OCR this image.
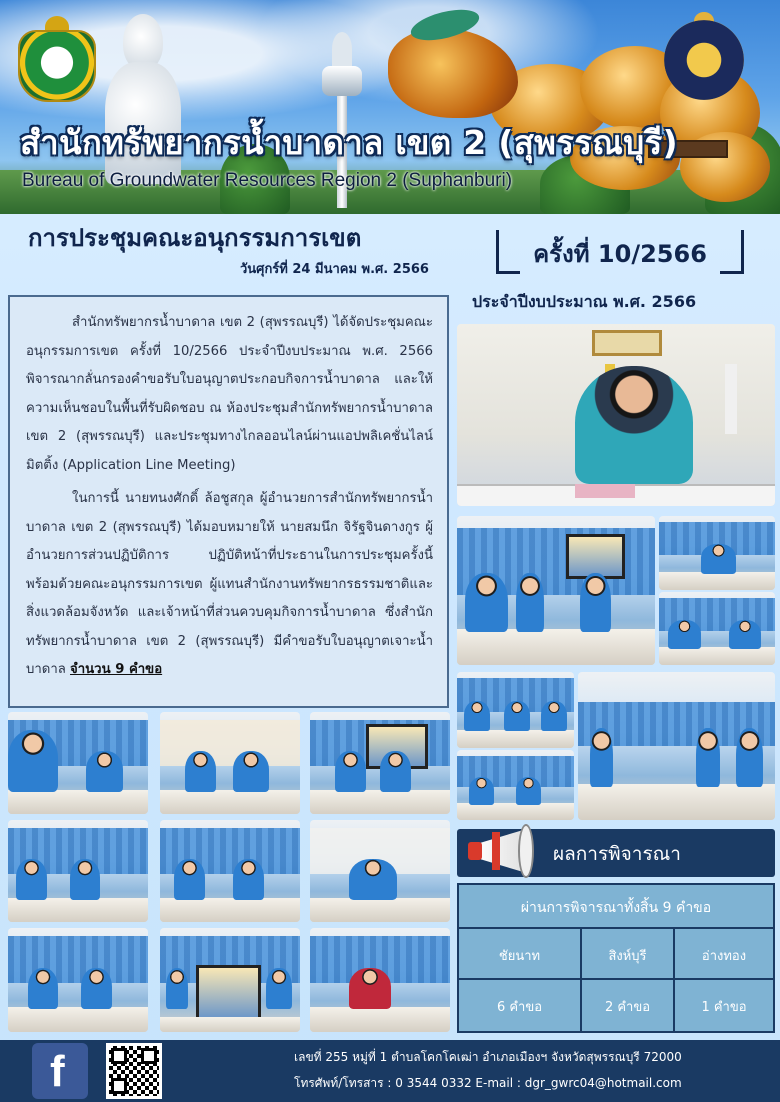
สำนักทรัพยากรน้ำบาดาล เขต 2 (สุพรรณบุรี)
Bureau of Groundwater Resources Region 2 (Suphanburi)
การประชุมคณะอนุกรรมการเขต
วันศุกร์ที่ 24 มีนาคม พ.ศ. 2566
ครั้งที่ 10/2566
ประจำปีงบประมาณ พ.ศ. 2566

สำนักทรัพยากรน้ำบาดาล เขต 2 (สุพรรณบุรี) ได้จัดประชุมคณะอนุกรรมการเขต ครั้งที่ 10/2566 ประจำปีงบประมาณ พ.ศ. 2566 พิจารณากลั่นกรองคำขอรับใบอนุญาตประกอบกิจการน้ำบาดาล และให้ความเห็นชอบในพื้นที่รับผิดชอบ ณ ห้องประชุมสำนักทรัพยากรน้ำบาดาล เขต 2 (สุพรรณบุรี) และประชุมทางไกลออนไลน์ผ่านแอปพลิเคชั่นไลน์มิตติ้ง (Application Line Meeting)

ในการนี้ นายทนงศักดิ์ ล้อชูสกุล ผู้อำนวยการสำนักทรัพยากรน้ำบาดาล เขต 2 (สุพรรณบุรี) ได้มอบหมายให้ นายสมนึก จิรัฐจินดางกูร ผู้อำนวยการส่วนปฏิบัติการ ปฏิบัติหน้าที่ประธานในการประชุมครั้งนี้ พร้อมด้วยคณะอนุกรรมการเขต ผู้แทนสำนักงานทรัพยากรธรรมชาติและสิ่งแวดล้อมจังหวัด และเจ้าหน้าที่ส่วนควบคุมกิจการน้ำบาดาล ซึ่งสำนักทรัพยากรน้ำบาดาล เขต 2 (สุพรรณบุรี) มีคำขอรับใบอนุญาตเจาะน้ำบาดาล จำนวน 9 คำขอ

ผลการพิจารณา
ผ่านการพิจารณาทั้งสิ้น 9 คำขอ
ชัยนาท	สิงห์บุรี	อ่างทอง
6 คำขอ	2 คำขอ	1 คำขอ
f	เลขที่ 255 หมู่ที่ 1 ตำบลโคกโคเฒ่า อำเภอเมืองฯ จังหวัดสุพรรณบุรี 72000
โทรศัพท์/โทรสาร : 0 3544 0332 E-mail : dgr_gwrc04@hotmail.com
